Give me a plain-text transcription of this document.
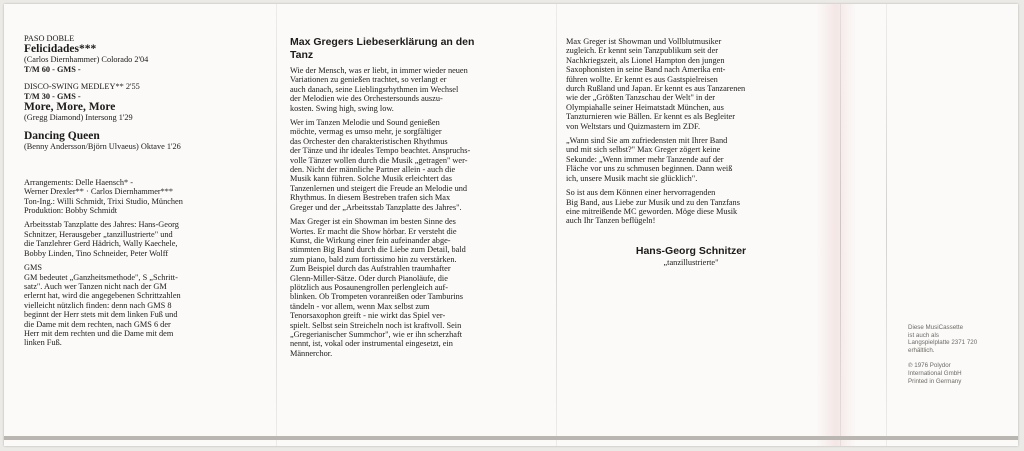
PASO DOBLE
Felicidades***
(Carlos Diernhammer) Colorado 2'04
T/M 60 - GMS -
DISCO-SWING MEDLEY** 2'55
T/M 30 - GMS -
More, More, More
(Gregg Diamond) Intersong 1'29
Dancing Queen
(Benny Andersson/Björn Ulvaeus) Oktave 1'26

Arrangements: Delle Haensch* -
Werner Drexler** · Carlos Diernhammer***
Ton-Ing.: Willi Schmidt, Trixi Studio, München
Produktion: Bobby Schmidt

Arbeitsstab Tanzplatte des Jahres: Hans-Georg
Schnitzer, Herausgeber „tanzillustrierte" und
die Tanzlehrer Gerd Hädrich, Wally Kaechele,
Bobby Linden, Tino Schneider, Peter Wolff

GMS

GM bedeutet „Ganzheitsmethode", S „Schritt-
satz". Auch wer Tanzen nicht nach der GM
erlernt hat, wird die angegebenen Schrittzahlen
vielleicht nützlich finden: denn nach GMS 8
beginnt der Herr stets mit dem linken Fuß und
die Dame mit dem rechten, nach GMS 6 der
Herr mit dem rechten und die Dame mit dem
linken Fuß.

Max Gregers Liebeserklärung an den
Tanz

Wie der Mensch, was er liebt, in immer wieder neuen
Variationen zu genießen trachtet, so verlangt er
auch danach, seine Lieblingsrhythmen im Wechsel
der Melodien wie des Orchestersounds auszu-
kosten. Swing high, swing low.

Wer im Tanzen Melodie und Sound genießen
möchte, vermag es umso mehr, je sorgfältiger
das Orchester den charakteristischen Rhythmus
der Tänze und ihr ideales Tempo beachtet. Anspruchs-
volle Tänzer wollen durch die Musik „getragen" wer-
den. Nicht der männliche Partner allein - auch die
Musik kann führen. Solche Musik erleichtert das
Tanzenlernen und steigert die Freude an Melodie und
Rhythmus. In diesem Bestreben trafen sich Max
Greger und der „Arbeitsstab Tanzplatte des Jahres".

Max Greger ist ein Showman im besten Sinne des
Wortes. Er macht die Show hörbar. Er versteht die
Kunst, die Wirkung einer fein aufeinander abge-
stimmten Big Band durch die Liebe zum Detail, bald
zum piano, bald zum fortissimo hin zu verstärken.
Zum Beispiel durch das Aufstrahlen traumhafter
Glenn-Miller-Sätze. Oder durch Pianoläufe, die
plötzlich aus Posaunengrollen perlengleich auf-
blinken. Ob Trompeten voranreißen oder Tamburins
tändeln - vor allem, wenn Max selbst zum
Tenorsaxophon greift - nie wirkt das Spiel ver-
spielt. Selbst sein Streicheln noch ist kraftvoll. Sein
„Gregerianischer Summchor", wie er ihn scherzhaft
nennt, ist, vokal oder instrumental eingesetzt, ein
Männerchor.

Max Greger ist Showman und Vollblutmusiker
zugleich. Er kennt sein Tanzpublikum seit der
Nachkriegszeit, als Lionel Hampton den jungen
Saxophonisten in seine Band nach Amerika ent-
führen wollte. Er kennt es aus Gastspielreisen
durch Rußland und Japan. Er kennt es aus Tanzarenen
wie der „Größten Tanzschau der Welt" in der
Olympiahalle seiner Heimatstadt München, aus
Tanzturnieren wie Bällen. Er kennt es als Begleiter
von Weltstars und Quizmastern im ZDF.

„Wann sind Sie am zufriedensten mit Ihrer Band
und mit sich selbst?" Max Greger zögert keine
Sekunde: „Wenn immer mehr Tanzende auf der
Fläche vor uns zu schmusen beginnen. Dann weiß
ich, unsere Musik macht sie glücklich".

So ist aus dem Können einer hervorragenden
Big Band, aus Liebe zur Musik und zu den Tanzfans
eine mitreißende MC geworden. Möge diese Musik
auch Ihr Tanzen beflügeln!

Hans-Georg Schnitzer
„tanzillustrierte"
Diese MusiCassette
ist auch als
Langspielplatte 2371 720
erhältlich.
℗ 1976 Polydor
International GmbH
Printed in Germany
